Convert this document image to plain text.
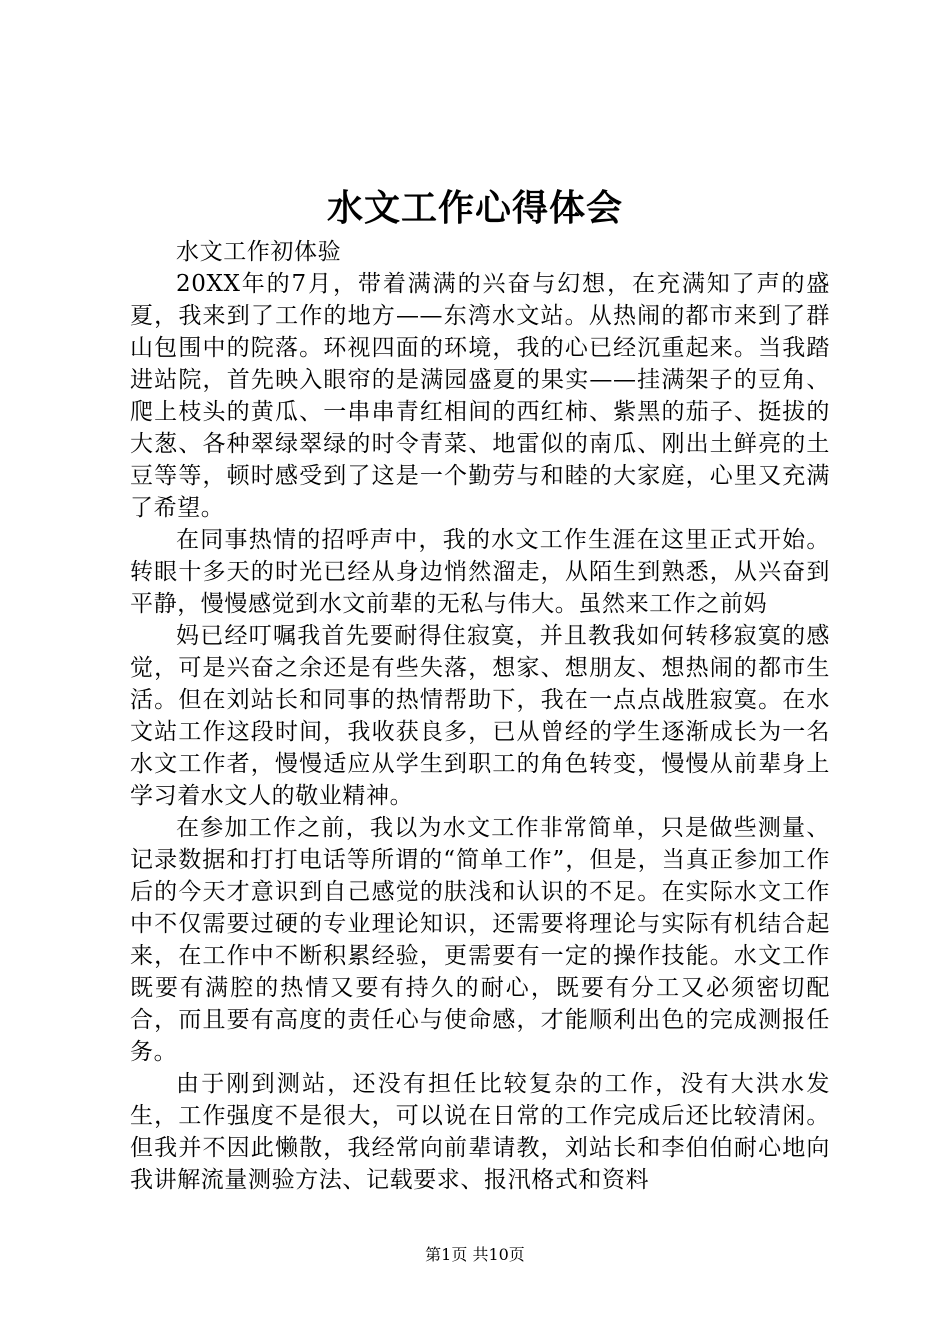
水文工作心得体会

水文工作初体验

20XX年的7月，带着满满的兴奋与幻想，在充满知了声的盛夏，我来到了工作的地方——东湾水文站。从热闹的都市来到了群山包围中的院落。环视四面的环境，我的心已经沉重起来。当我踏进站院，首先映入眼帘的是满园盛夏的果实——挂满架子的豆角、爬上枝头的黄瓜、一串串青红相间的西红柿、紫黑的茄子、挺拔的大葱、各种翠绿翠绿的时令青菜、地雷似的南瓜、刚出土鲜亮的土豆等等，顿时感受到了这是一个勤劳与和睦的大家庭，心里又充满了希望。

在同事热情的招呼声中，我的水文工作生涯在这里正式开始。转眼十多天的时光已经从身边悄然溜走，从陌生到熟悉，从兴奋到平静，慢慢感觉到水文前辈的无私与伟大。虽然来工作之前妈

妈已经叮嘱我首先要耐得住寂寞，并且教我如何转移寂寞的感觉，可是兴奋之余还是有些失落，想家、想朋友、想热闹的都市生活。但在刘站长和同事的热情帮助下，我在一点点战胜寂寞。在水文站工作这段时间，我收获良多，已从曾经的学生逐渐成长为一名水文工作者，慢慢适应从学生到职工的角色转变，慢慢从前辈身上学习着水文人的敬业精神。

在参加工作之前，我以为水文工作非常简单，只是做些测量、记录数据和打打电话等所谓的“简单工作”，但是，当真正参加工作后的今天才意识到自己感觉的肤浅和认识的不足。在实际水文工作中不仅需要过硬的专业理论知识，还需要将理论与实际有机结合起来，在工作中不断积累经验，更需要有一定的操作技能。水文工作既要有满腔的热情又要有持久的耐心，既要有分工又必须密切配合，而且要有高度的责任心与使命感，才能顺利出色的完成测报任务。

由于刚到测站，还没有担任比较复杂的工作，没有大洪水发生，工作强度不是很大，可以说在日常的工作完成后还比较清闲。但我并不因此懒散，我经常向前辈请教，刘站长和李伯伯耐心地向我讲解流量测验方法、记载要求、报汛格式和资料

第1页 共10页
